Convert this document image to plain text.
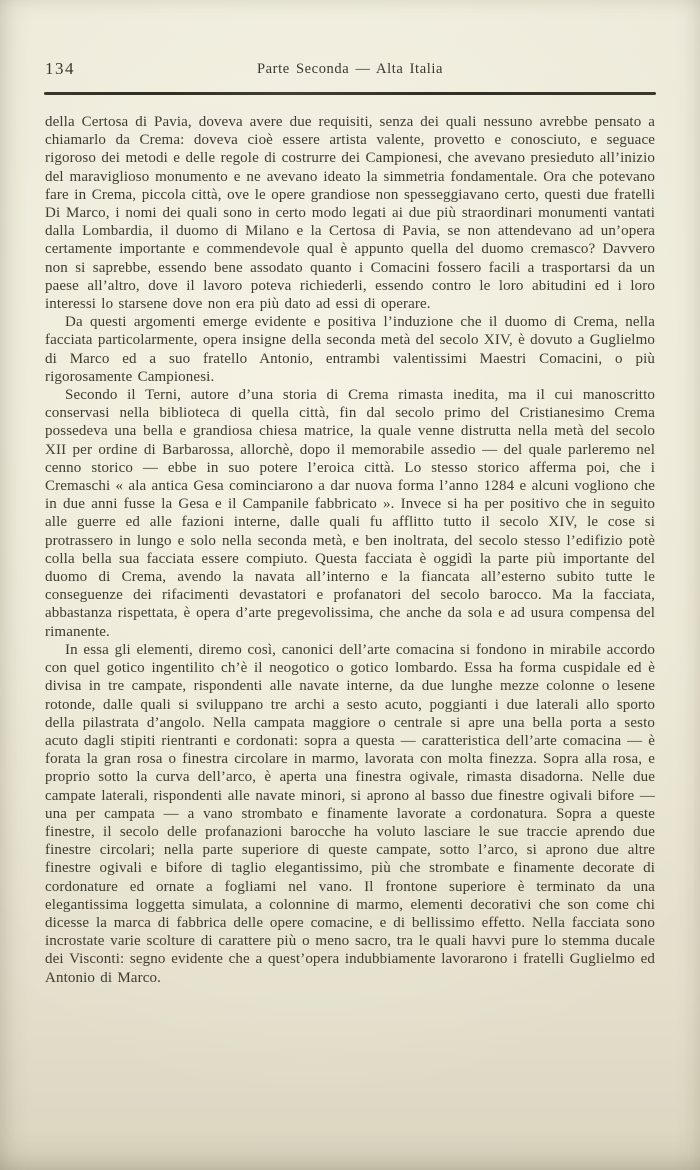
134	Parte Seconda — Alta Italia

della Certosa di Pavia, doveva avere due requisiti, senza dei quali nessuno avrebbe pensato a chiamarlo da Crema: doveva cioè essere artista valente, provetto e conosciuto, e seguace rigoroso dei metodi e delle regole di costrurre dei Campionesi, che avevano presieduto all’inizio del maraviglioso monumento e ne avevano ideato la simmetria fondamentale. Ora che potevano fare in Crema, piccola città, ove le opere grandiose non spesseggiavano certo, questi due fratelli Di Marco, i nomi dei quali sono in certo modo legati ai due più straordinari monumenti vantati dalla Lombardia, il duomo di Milano e la Certosa di Pavia, se non attendevano ad un’opera certamente importante e commendevole qual è appunto quella del duomo cremasco? Davvero non si saprebbe, essendo bene assodato quanto i Comacini fossero facili a trasportarsi da un paese all’altro, dove il lavoro poteva richiederli, essendo contro le loro abitudini ed i loro interessi lo starsene dove non era più dato ad essi di operare.

Da questi argomenti emerge evidente e positiva l’induzione che il duomo di Crema, nella facciata particolarmente, opera insigne della seconda metà del secolo XIV, è dovuto a Guglielmo di Marco ed a suo fratello Antonio, entrambi valentissimi Maestri Comacini, o più rigorosamente Campionesi.

Secondo il Terni, autore d’una storia di Crema rimasta inedita, ma il cui manoscritto conservasi nella biblioteca di quella città, fin dal secolo primo del Cristianesimo Crema possedeva una bella e grandiosa chiesa matrice, la quale venne distrutta nella metà del secolo XII per ordine di Barbarossa, allorchè, dopo il memorabile assedio — del quale parleremo nel cenno storico — ebbe in suo potere l’eroica città. Lo stesso storico afferma poi, che i Cremaschi « ala antica Gesa cominciarono a dar nuova forma l’anno 1284 e alcuni vogliono che in due anni fusse la Gesa e il Campanile fabbricato ». Invece si ha per positivo che in seguito alle guerre ed alle fazioni interne, dalle quali fu afflitto tutto il secolo XIV, le cose si protrassero in lungo e solo nella seconda metà, e ben inoltrata, del secolo stesso l’edifizio potè colla bella sua facciata essere compiuto. Questa facciata è oggidì la parte più importante del duomo di Crema, avendo la navata all’interno e la fiancata all’esterno subito tutte le conseguenze dei rifacimenti devastatori e profanatori del secolo barocco. Ma la facciata, abbastanza rispettata, è opera d’arte pregevolissima, che anche da sola e ad usura compensa del rimanente.

In essa gli elementi, diremo così, canonici dell’arte comacina si fondono in mirabile accordo con quel gotico ingentilito ch’è il neogotico o gotico lombardo. Essa ha forma cuspidale ed è divisa in tre campate, rispondenti alle navate interne, da due lunghe mezze colonne o lesene rotonde, dalle quali si sviluppano tre archi a sesto acuto, poggianti i due laterali allo sporto della pilastrata d’angolo. Nella campata maggiore o centrale si apre una bella porta a sesto acuto dagli stipiti rientranti e cordonati: sopra a questa — caratteristica dell’arte comacina — è forata la gran rosa o finestra circolare in marmo, lavorata con molta finezza. Sopra alla rosa, e proprio sotto la curva dell’arco, è aperta una finestra ogivale, rimasta disadorna. Nelle due campate laterali, rispondenti alle navate minori, si aprono al basso due finestre ogivali bifore — una per campata — a vano strombato e finamente lavorate a cordonatura. Sopra a queste finestre, il secolo delle profanazioni barocche ha voluto lasciare le sue traccie aprendo due finestre circolari; nella parte superiore di queste campate, sotto l’arco, si aprono due altre finestre ogivali e bifore di taglio elegantissimo, più che strombate e finamente decorate di cordonature ed ornate a fogliami nel vano. Il frontone superiore è terminato da una elegantissima loggetta simulata, a colonnine di marmo, elementi decorativi che son come chi dicesse la marca di fabbrica delle opere comacine, e di bellissimo effetto. Nella facciata sono incrostate varie scolture di carattere più o meno sacro, tra le quali havvi pure lo stemma ducale dei Visconti: segno evidente che a quest’opera indubbiamente lavorarono i fratelli Guglielmo ed Antonio di Marco.
